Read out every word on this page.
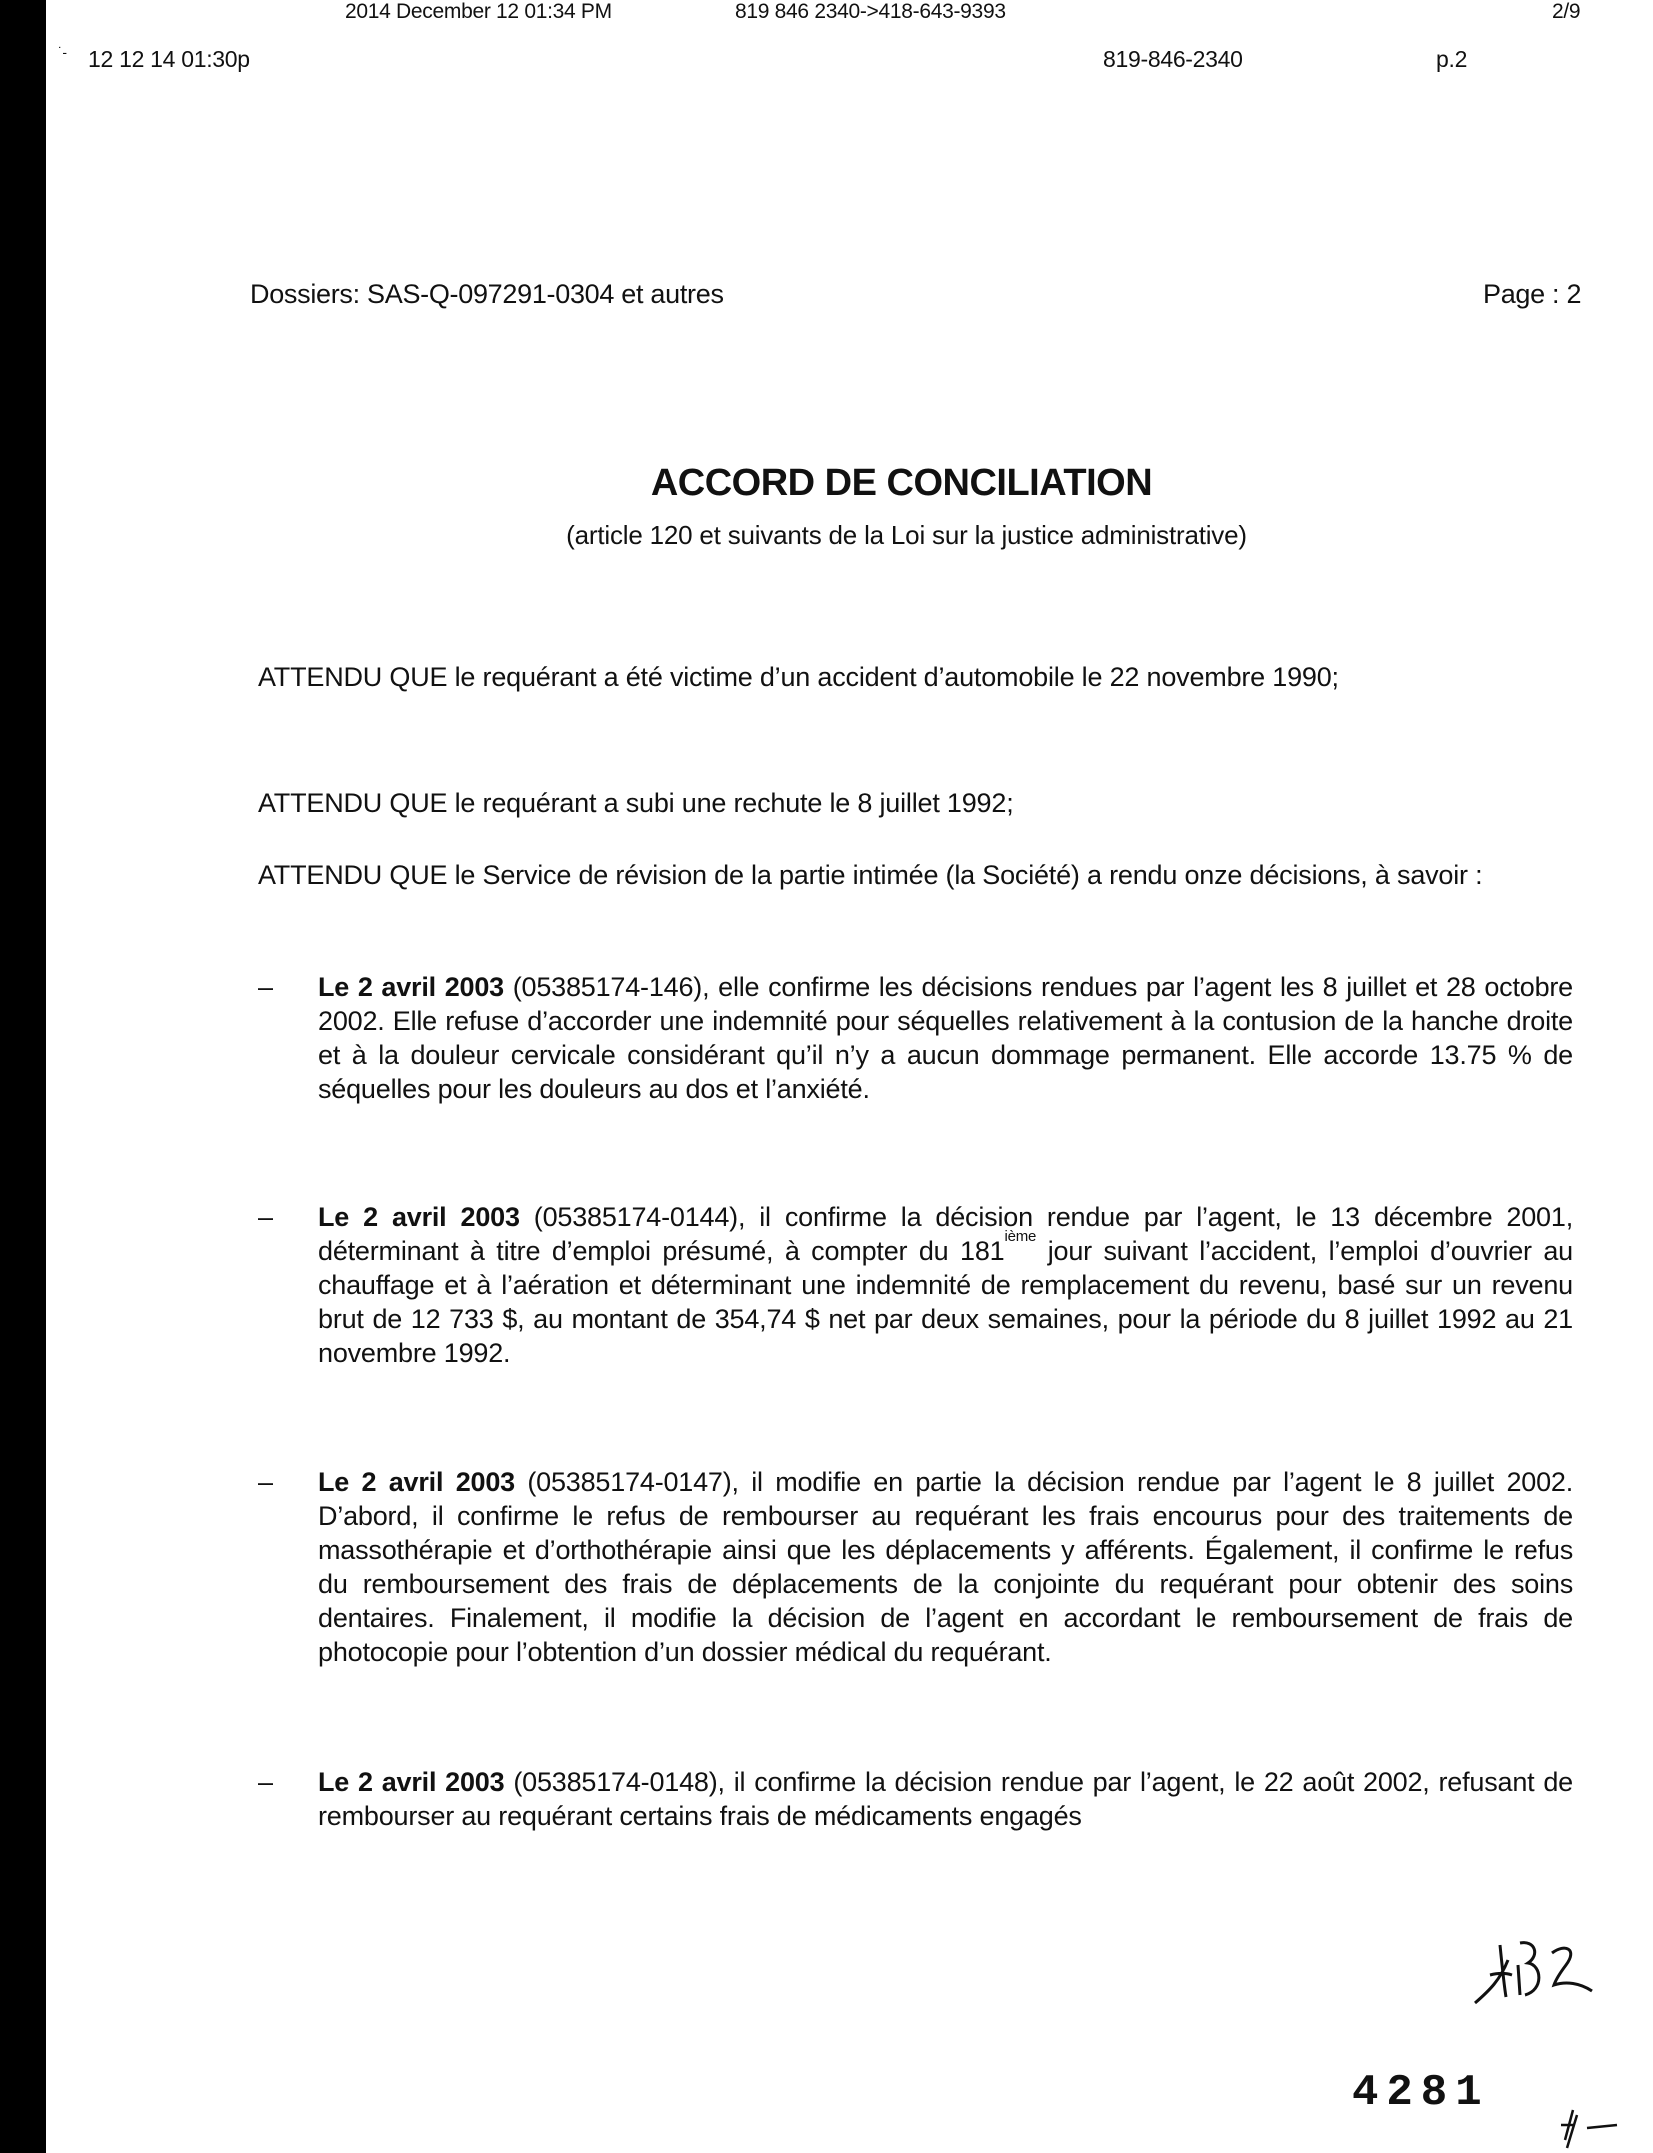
2014 December 12 01:34 PM	819 846 2340->418-643-9393	2/9
˙- 12 12 14 01:30p	819-846-2340	p.2
Dossiers: SAS-Q-097291-0304 et autres	Page : 2
ACCORD DE CONCILIATION
(article 120 et suivants de la Loi sur la justice administrative)
ATTENDU QUE le requérant a été victime d’un accident d’automobile le 22 novembre 1990;
ATTENDU QUE le requérant a subi une rechute le 8 juillet 1992;
ATTENDU QUE le Service de révision de la partie intimée (la Société) a rendu onze décisions, à savoir :
–	Le 2 avril 2003 (05385174-146), elle confirme les décisions rendues par l’agent les 8 juillet et 28 octobre 2002. Elle refuse d’accorder une indemnité pour séquelles relativement à la contusion de la hanche droite et à la douleur cervicale considérant qu’il n’y a aucun dommage permanent. Elle accorde 13.75 % de séquelles pour les douleurs au dos et l’anxiété.
–	Le 2 avril 2003 (05385174-0144), il confirme la décision rendue par l’agent, le 13 décembre 2001, déterminant à titre d’emploi présumé, à compter du 181ième jour suivant l’accident, l’emploi d’ouvrier au chauffage et à l’aération et déterminant une indemnité de remplacement du revenu, basé sur un revenu brut de 12 733 $, au montant de 354,74 $ net par deux semaines, pour la période du 8 juillet 1992 au 21 novembre 1992.
–	Le 2 avril 2003 (05385174-0147), il modifie en partie la décision rendue par l’agent le 8 juillet 2002. D’abord, il confirme le refus de rembourser au requérant les frais encourus pour des traitements de massothérapie et d’orthothérapie ainsi que les déplacements y afférents. Également, il confirme le refus du remboursement des frais de déplacements de la conjointe du requérant pour obtenir des soins dentaires. Finalement, il modifie la décision de l’agent en accordant le remboursement de frais de photocopie pour l’obtention d’un dossier médical du requérant.
–	Le 2 avril 2003 (05385174-0148), il confirme la décision rendue par l’agent, le 22 août 2002, refusant de rembourser au requérant certains frais de médicaments engagés
4281
